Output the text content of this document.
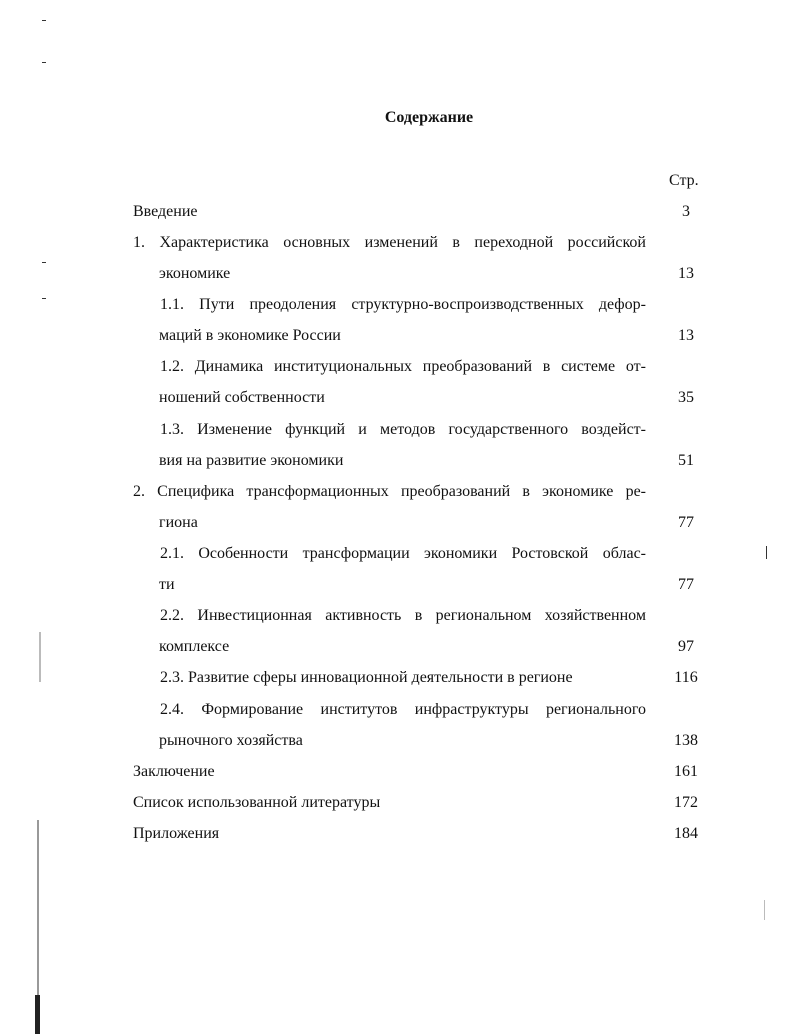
Содержание
Стр.
Введение	3
1. Характеристика основных изменений в переходной российской
экономике	13
1.1. Пути преодоления структурно-воспроизводственных дефор-
маций в экономике России	13
1.2. Динамика институциональных преобразований в системе от-
ношений собственности	35
1.3. Изменение функций и методов государственного воздейст-
вия на развитие экономики	51
2. Специфика трансформационных преобразований в экономике ре-
гиона	77
2.1. Особенности трансформации экономики Ростовской облас-
ти	77
2.2. Инвестиционная активность в региональном хозяйственном
комплексе	97
2.3. Развитие сферы инновационной деятельности в регионе	116
2.4. Формирование институтов инфраструктуры регионального
рыночного хозяйства	138
Заключение	161
Список использованной литературы	172
Приложения	184
